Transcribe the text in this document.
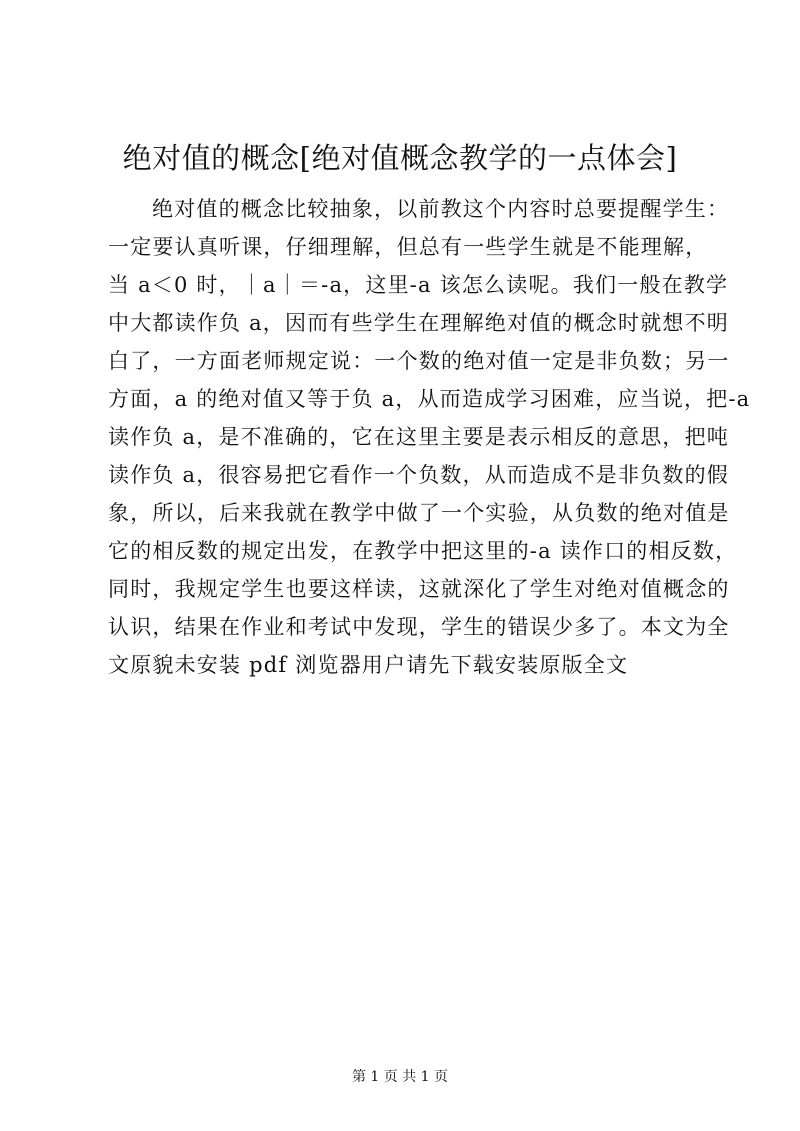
绝对值的概念[绝对值概念教学的一点体会]
绝对值的概念比较抽象，以前教这个内容时总要提醒学生：
一定要认真听课，仔细理解，但总有一些学生就是不能理解，
当 a＜0 时，｜a｜＝-a，这里-a 该怎么读呢。我们一般在教学
中大都读作负 a，因而有些学生在理解绝对值的概念时就想不明
白了，一方面老师规定说：一个数的绝对值一定是非负数；另一
方面，a 的绝对值又等于负 a，从而造成学习困难，应当说，把-a
读作负 a，是不准确的，它在这里主要是表示相反的意思，把吨
读作负 a，很容易把它看作一个负数，从而造成不是非负数的假
象，所以，后来我就在教学中做了一个实验，从负数的绝对值是
它的相反数的规定出发，在教学中把这里的-a 读作口的相反数，
同时，我规定学生也要这样读，这就深化了学生对绝对值概念的
认识，结果在作业和考试中发现，学生的错误少多了。本文为全
文原貌未安装 pdf 浏览器用户请先下载安装原版全文
第 1 页 共 1 页
